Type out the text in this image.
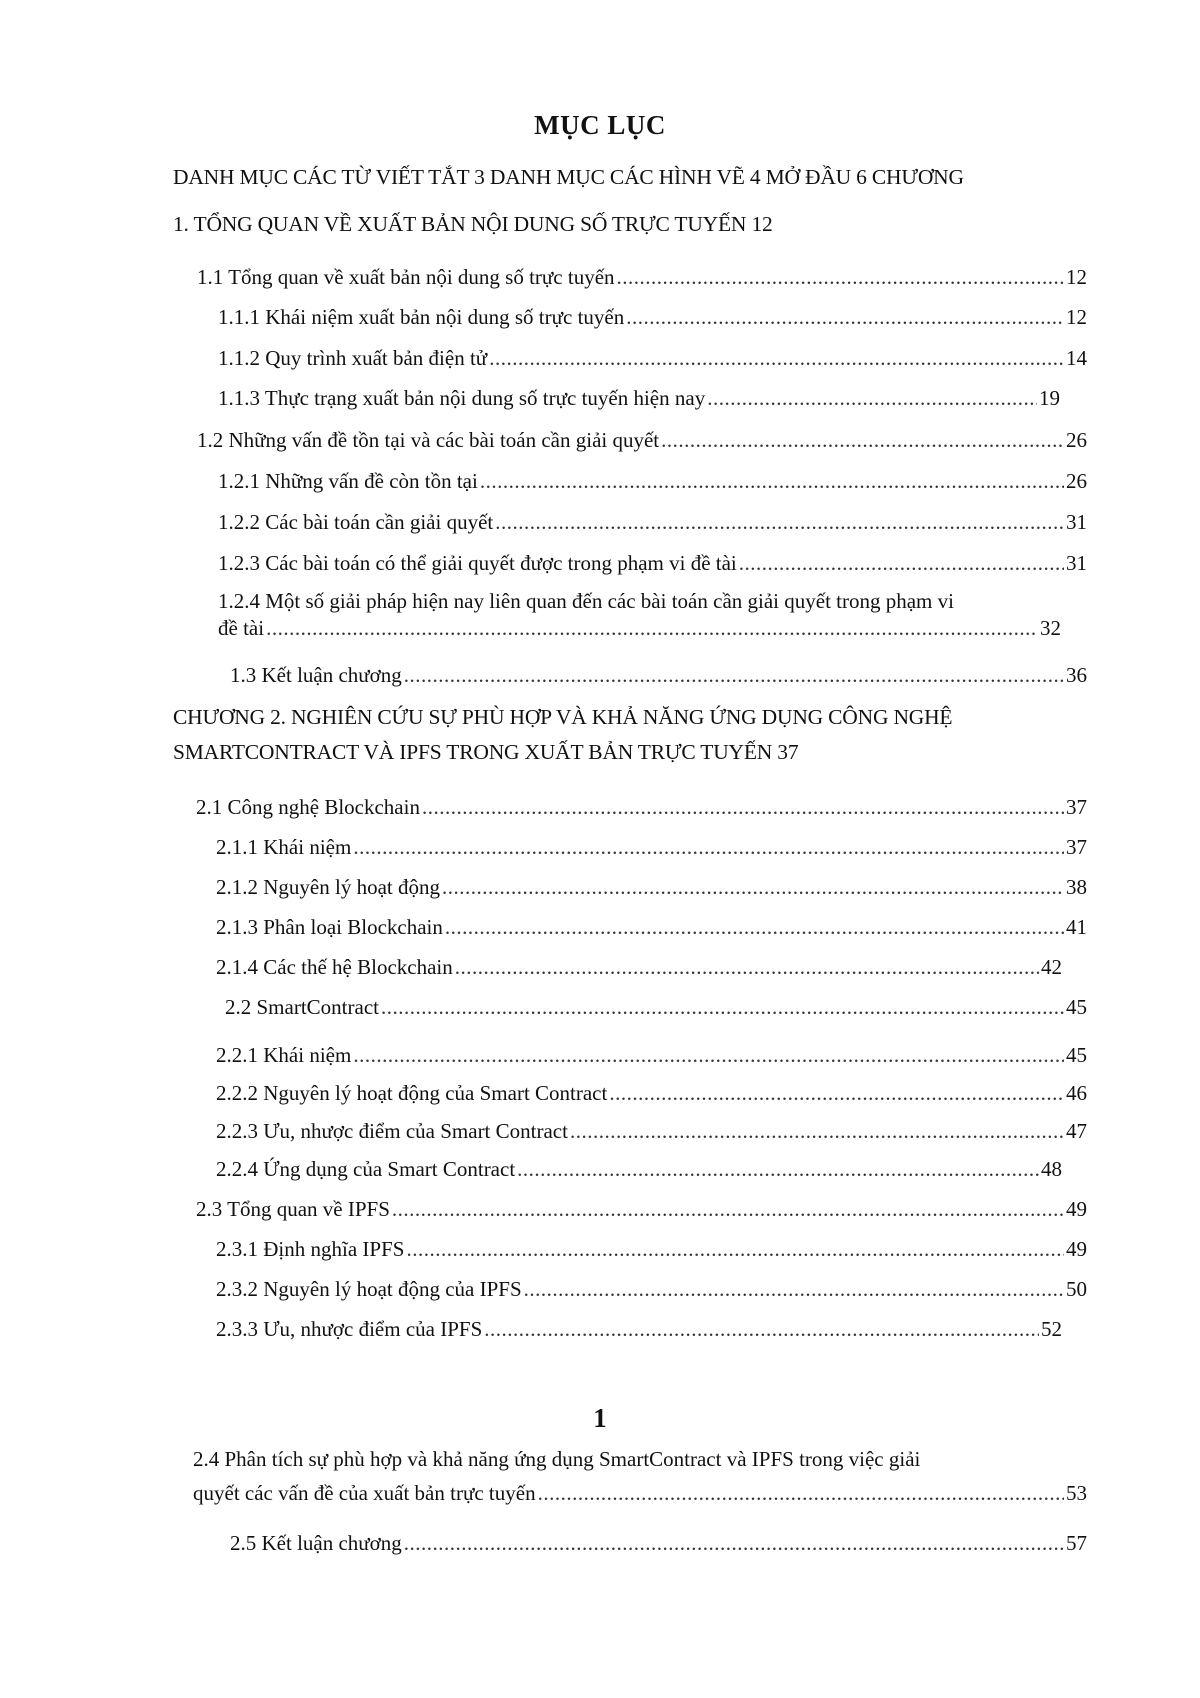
MỤC LỤC
DANH MỤC CÁC TỪ VIẾT TẮT 3 DANH MỤC CÁC HÌNH VẼ 4 MỞ ĐẦU 6 CHƯƠNG
1. TỔNG QUAN VỀ XUẤT BẢN NỘI DUNG SỐ TRỰC TUYẾN 12
1.1 Tổng quan về xuất bản nội dung số trực tuyến .....	12
1.1.1 Khái niệm xuất bản nội dung số trực tuyến .....	12
1.1.2 Quy trình xuất bản điện tử .....	14
1.1.3 Thực trạng xuất bản nội dung số trực tuyến hiện nay .....	19
1.2 Những vấn đề tồn tại và các bài toán cần giải quyết .....	26
1.2.1 Những vấn đề còn tồn tại .....	26
1.2.2 Các bài toán cần giải quyết .....	31
1.2.3 Các bài toán có thể giải quyết được trong phạm vi đề tài .....	31
1.2.4 Một số giải pháp hiện nay liên quan đến các bài toán cần giải quyết trong phạm vi
đề tài .....	32
1.3 Kết luận chương .....	36
CHƯƠNG 2. NGHIÊN CỨU SỰ PHÙ HỢP VÀ KHẢ NĂNG ỨNG DỤNG CÔNG NGHỆ
SMARTCONTRACT VÀ IPFS TRONG XUẤT BẢN TRỰC TUYẾN 37
2.1 Công nghệ Blockchain .....	37
2.1.1 Khái niệm .....	37
2.1.2 Nguyên lý hoạt động .....	38
2.1.3 Phân loại Blockchain .....	41
2.1.4 Các thế hệ Blockchain .....	42
2.2 SmartContract .....	45
2.2.1 Khái niệm .....	45
2.2.2 Nguyên lý hoạt động của Smart Contract .....	46
2.2.3 Ưu, nhược điểm của Smart Contract .....	47
2.2.4 Ứng dụng của Smart Contract .....	48
2.3 Tổng quan về IPFS .....	49
2.3.1 Định nghĩa IPFS .....	49
2.3.2 Nguyên lý hoạt động của IPFS .....	50
2.3.3 Ưu, nhược điểm của IPFS .....	52
1
2.4 Phân tích sự phù hợp và khả năng ứng dụng SmartContract và IPFS trong việc giải
quyết các vấn đề của xuất bản trực tuyến .....	53
2.5 Kết luận chương .....	57
